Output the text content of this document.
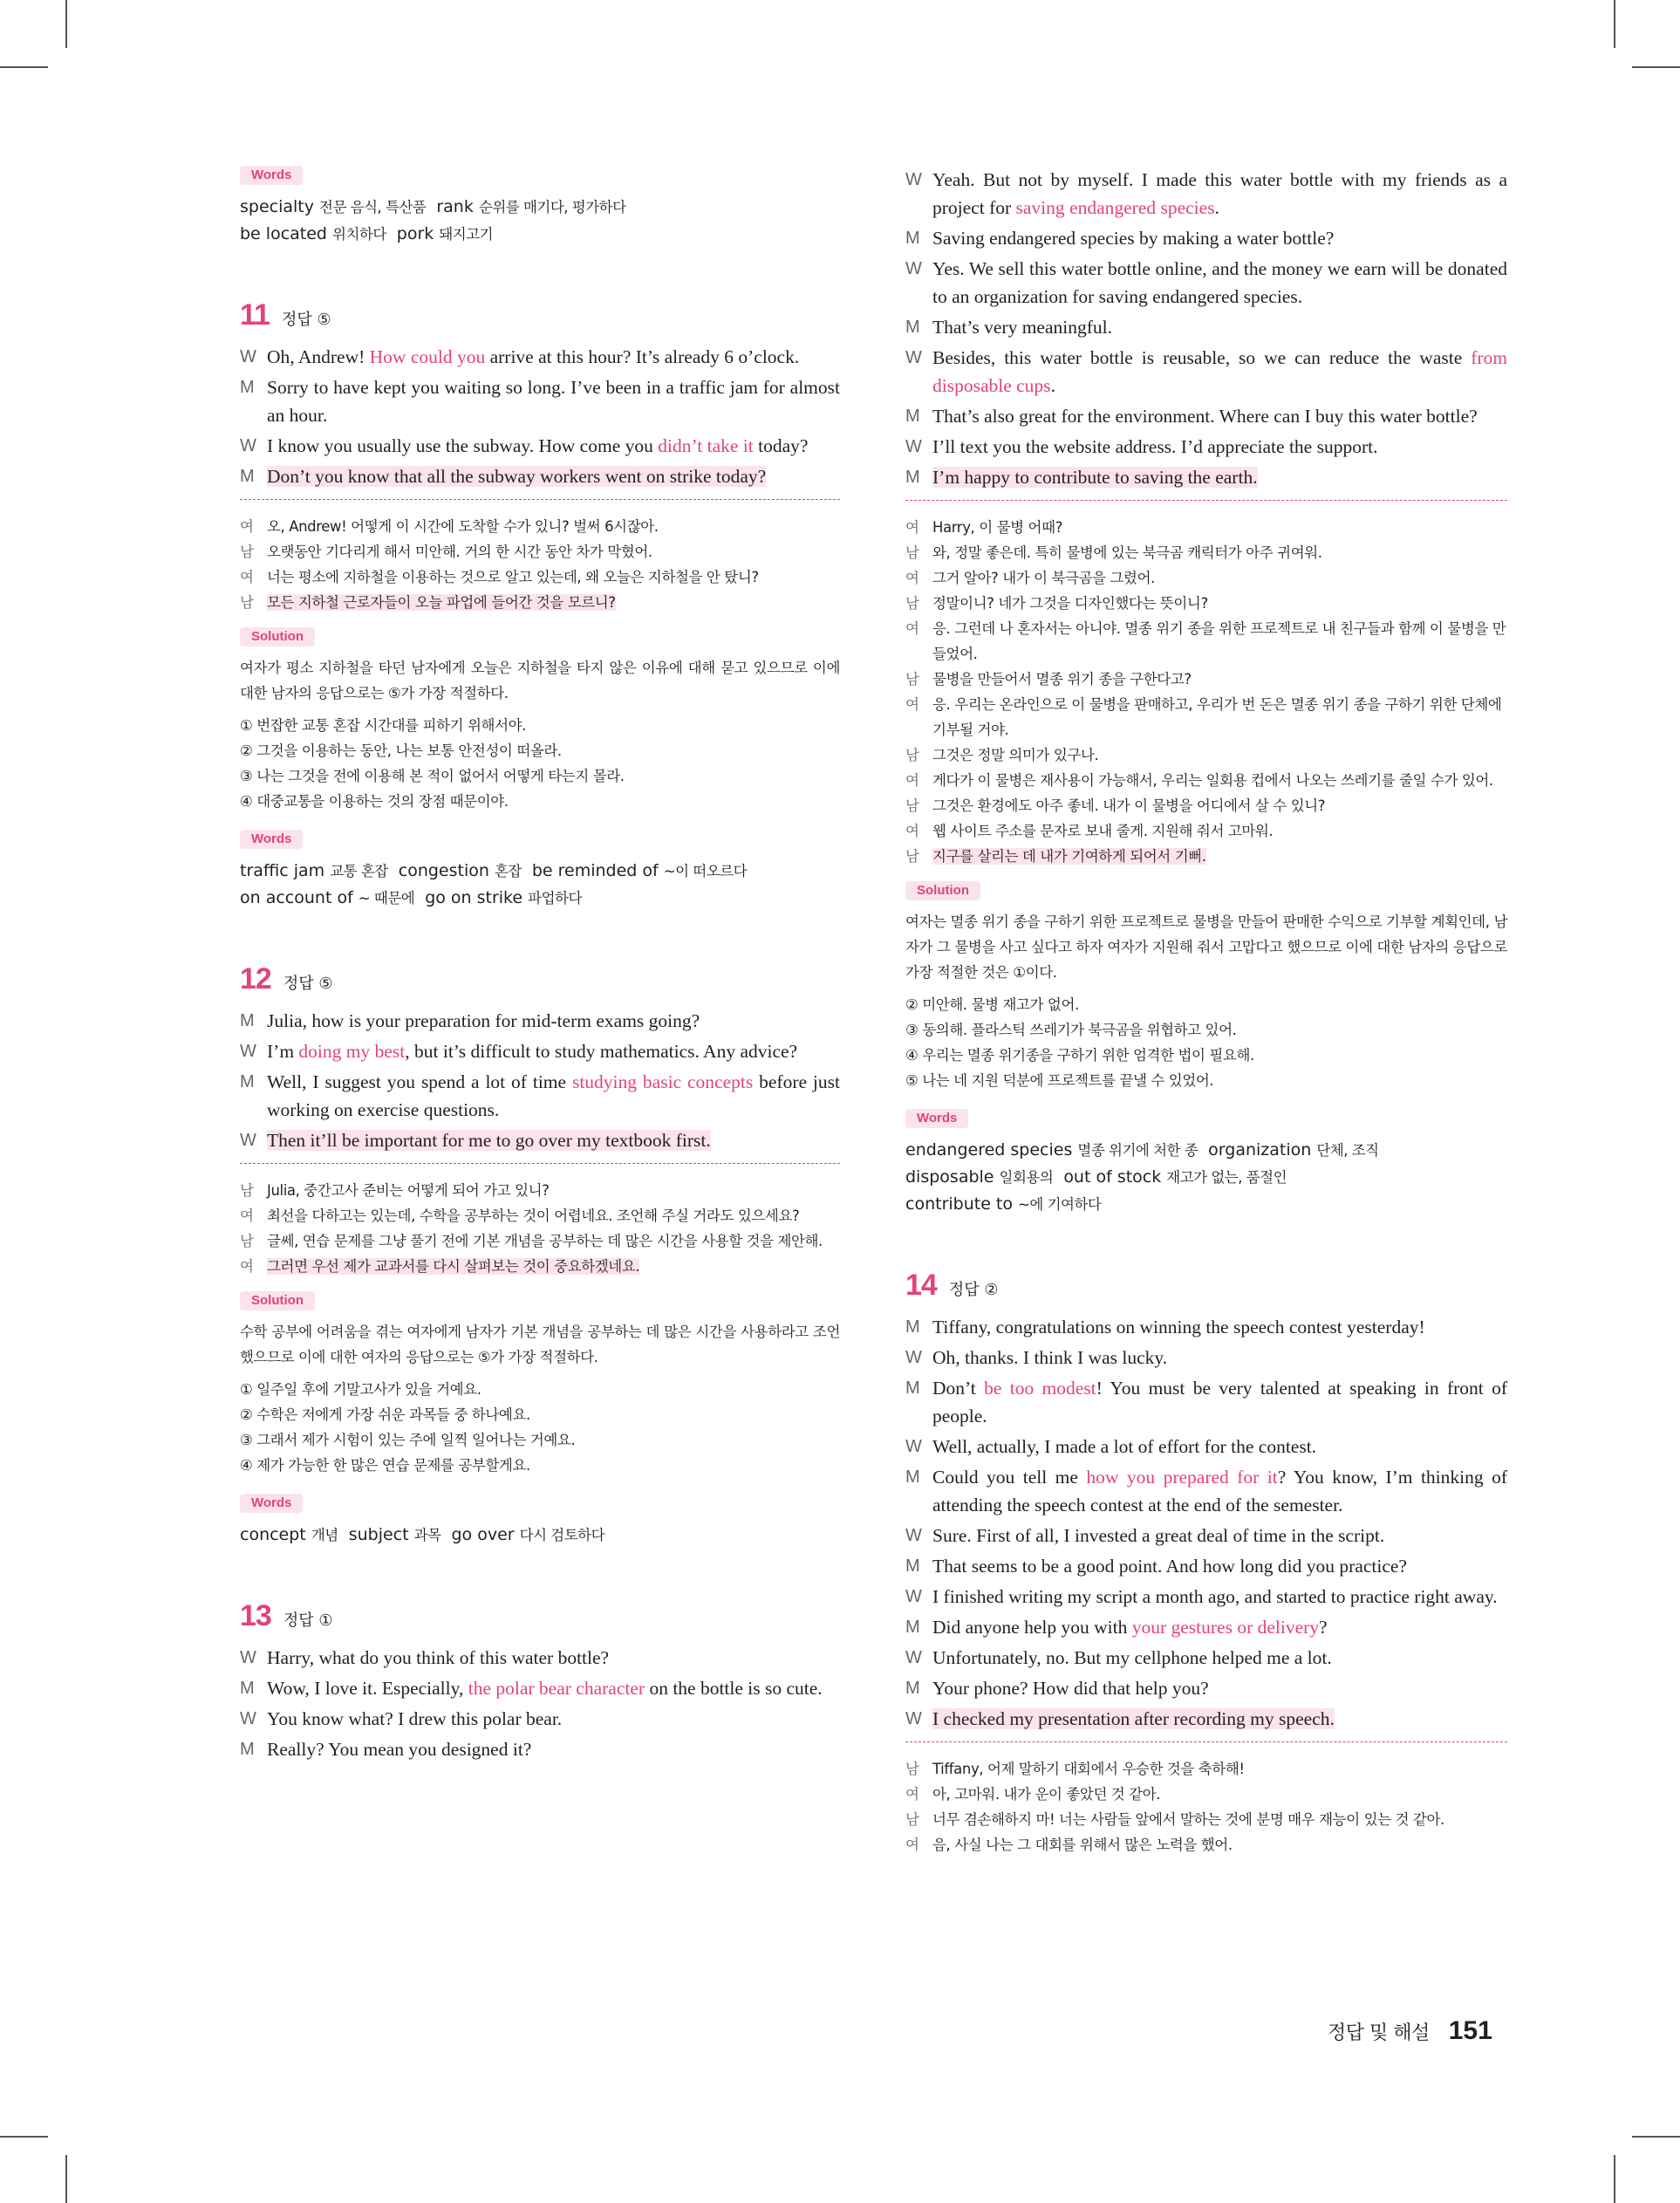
Words
specialty 전문 음식, 특산품 rank 순위를 매기다, 평가하다
be located 위치하다 pork 돼지고기
11 정답 ⑤
W Oh, Andrew! How could you arrive at this hour? It’s already 6 o’clock.
M Sorry to have kept you waiting so long. I’ve been in a traffic jam for almost an hour.
W I know you usually use the subway. How come you didn’t take it today?
M Don’t you know that all the subway workers went on strike today?
여 오, Andrew! 어떻게 이 시간에 도착할 수가 있니? 벌써 6시잖아.
남 오랫동안 기다리게 해서 미안해. 거의 한 시간 동안 차가 막혔어.
여 너는 평소에 지하철을 이용하는 것으로 알고 있는데, 왜 오늘은 지하철을 안 탔니?
남 모든 지하철 근로자들이 오늘 파업에 들어간 것을 모르니?
Solution
여자가 평소 지하철을 타던 남자에게 오늘은 지하철을 타지 않은 이유에 대해 묻고 있으므로 이에 대한 남자의 응답으로는 ⑤가 가장 적절하다.
① 번잡한 교통 혼잡 시간대를 피하기 위해서야.
② 그것을 이용하는 동안, 나는 보통 안전성이 떠올라.
③ 나는 그것을 전에 이용해 본 적이 없어서 어떻게 타는지 몰라.
④ 대중교통을 이용하는 것의 장점 때문이야.
Words
traffic jam 교통 혼잡 congestion 혼잡 be reminded of ~이 떠오르다
on account of ~ 때문에 go on strike 파업하다
12 정답 ⑤
M Julia, how is your preparation for mid-term exams going?
W I’m doing my best, but it’s difficult to study mathematics. Any advice?
M Well, I suggest you spend a lot of time studying basic concepts before just working on exercise questions.
W Then it’ll be important for me to go over my textbook first.
남 Julia, 중간고사 준비는 어떻게 되어 가고 있니?
여 최선을 다하고는 있는데, 수학을 공부하는 것이 어렵네요. 조언해 주실 거라도 있으세요?
남 글쎄, 연습 문제를 그냥 풀기 전에 기본 개념을 공부하는 데 많은 시간을 사용할 것을 제안해.
여 그러면 우선 제가 교과서를 다시 살펴보는 것이 중요하겠네요.
Solution
수학 공부에 어려움을 겪는 여자에게 남자가 기본 개념을 공부하는 데 많은 시간을 사용하라고 조언했으므로 이에 대한 여자의 응답으로는 ⑤가 가장 적절하다.
① 일주일 후에 기말고사가 있을 거예요.
② 수학은 저에게 가장 쉬운 과목들 중 하나예요.
③ 그래서 제가 시험이 있는 주에 일찍 일어나는 거예요.
④ 제가 가능한 한 많은 연습 문제를 공부할게요.
Words
concept 개념 subject 과목 go over 다시 검토하다
13 정답 ①
W Harry, what do you think of this water bottle?
M Wow, I love it. Especially, the polar bear character on the bottle is so cute.
W You know what? I drew this polar bear.
M Really? You mean you designed it?
W Yeah. But not by myself. I made this water bottle with my friends as a project for saving endangered species.
M Saving endangered species by making a water bottle?
W Yes. We sell this water bottle online, and the money we earn will be donated to an organization for saving endangered species.
M That’s very meaningful.
W Besides, this water bottle is reusable, so we can reduce the waste from disposable cups.
M That’s also great for the environment. Where can I buy this water bottle?
W I’ll text you the website address. I’d appreciate the support.
M I’m happy to contribute to saving the earth.
여 Harry, 이 물병 어때?
남 와, 정말 좋은데. 특히 물병에 있는 북극곰 캐릭터가 아주 귀여워.
여 그거 알아? 내가 이 북극곰을 그렸어.
남 정말이니? 네가 그것을 디자인했다는 뜻이니?
여 응. 그런데 나 혼자서는 아니야. 멸종 위기 종을 위한 프로젝트로 내 친구들과 함께 이 물병을 만들었어.
남 물병을 만들어서 멸종 위기 종을 구한다고?
여 응. 우리는 온라인으로 이 물병을 판매하고, 우리가 번 돈은 멸종 위기 종을 구하기 위한 단체에 기부될 거야.
남 그것은 정말 의미가 있구나.
여 게다가 이 물병은 재사용이 가능해서, 우리는 일회용 컵에서 나오는 쓰레기를 줄일 수가 있어.
남 그것은 환경에도 아주 좋네. 내가 이 물병을 어디에서 살 수 있니?
여 웹 사이트 주소를 문자로 보내 줄게. 지원해 줘서 고마워.
남 지구를 살리는 데 내가 기여하게 되어서 기뻐.
Solution
여자는 멸종 위기 종을 구하기 위한 프로젝트로 물병을 만들어 판매한 수익으로 기부할 계획인데, 남자가 그 물병을 사고 싶다고 하자 여자가 지원해 줘서 고맙다고 했으므로 이에 대한 남자의 응답으로 가장 적절한 것은 ①이다.
② 미안해. 물병 재고가 없어.
③ 동의해. 플라스틱 쓰레기가 북극곰을 위협하고 있어.
④ 우리는 멸종 위기종을 구하기 위한 엄격한 법이 필요해.
⑤ 나는 네 지원 덕분에 프로젝트를 끝낼 수 있었어.
Words
endangered species 멸종 위기에 처한 종 organization 단체, 조직
disposable 일회용의 out of stock 재고가 없는, 품절인
contribute to ~에 기여하다
14 정답 ②
M Tiffany, congratulations on winning the speech contest yesterday!
W Oh, thanks. I think I was lucky.
M Don’t be too modest! You must be very talented at speaking in front of people.
W Well, actually, I made a lot of effort for the contest.
M Could you tell me how you prepared for it? You know, I’m thinking of attending the speech contest at the end of the semester.
W Sure. First of all, I invested a great deal of time in the script.
M That seems to be a good point. And how long did you practice?
W I finished writing my script a month ago, and started to practice right away.
M Did anyone help you with your gestures or delivery?
W Unfortunately, no. But my cellphone helped me a lot.
M Your phone? How did that help you?
W I checked my presentation after recording my speech.
남 Tiffany, 어제 말하기 대회에서 우승한 것을 축하해!
여 아, 고마워. 내가 운이 좋았던 것 같아.
남 너무 겸손해하지 마! 너는 사람들 앞에서 말하는 것에 분명 매우 재능이 있는 것 같아.
여 음, 사실 나는 그 대회를 위해서 많은 노력을 했어.
정답 및 해설 151
